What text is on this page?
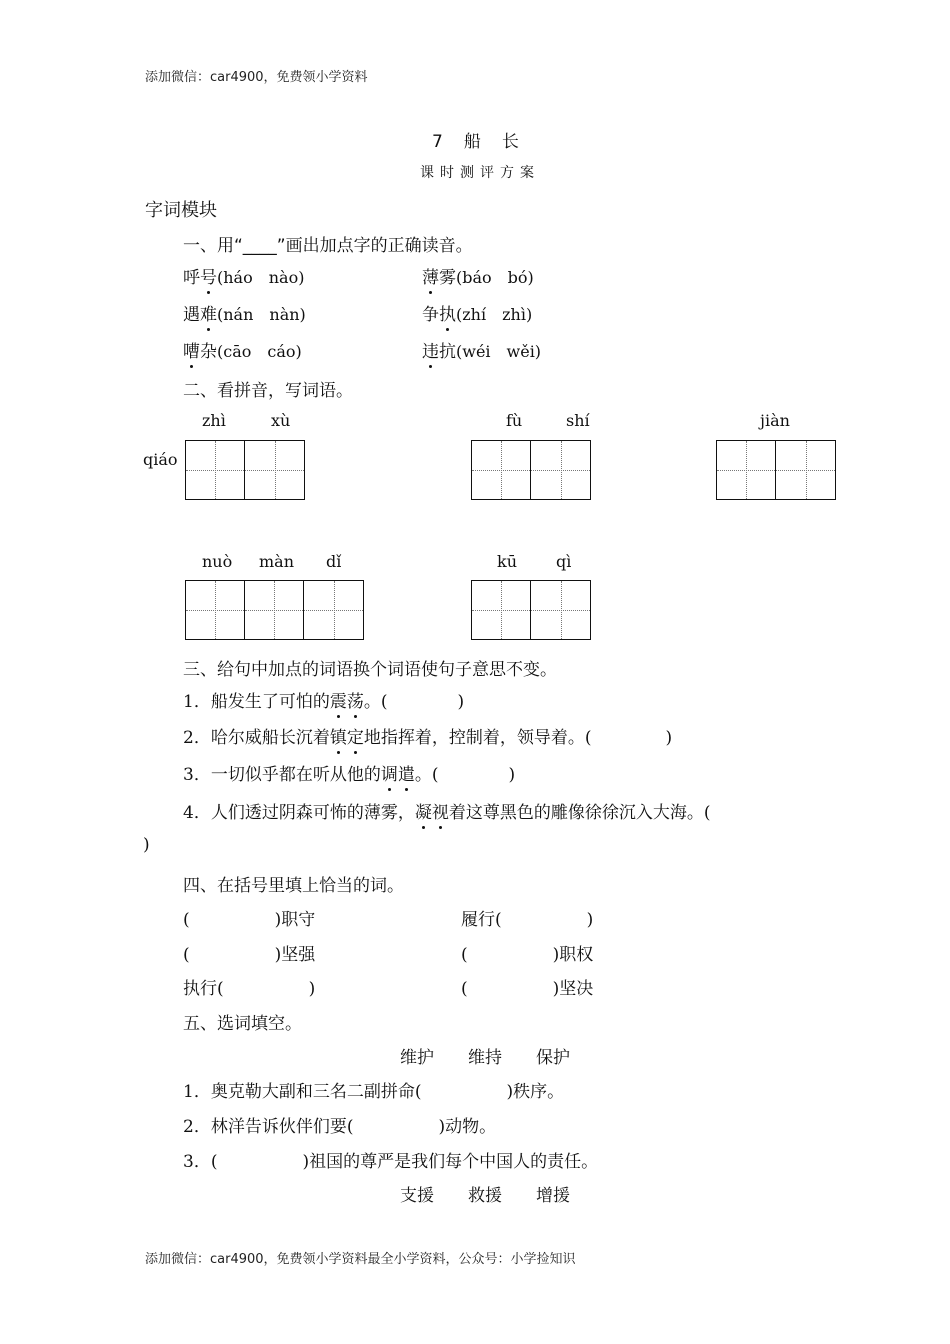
添加微信：car4900，免费领小学资料
7　船　长
课时测评方案
字词模块
一、用“____”画出加点字的正确读音。
呼号(háo　nào)	薄雾(báo　bó)
遇难(nán　nàn)	争执(zhí　zhì)
嘈杂(cāo　cáo)	违抗(wéi　wěi)
二、看拼音，写词语。
zhì	xù
qiáo
fù	shí	jiàn
nuò màn dǐ	kū qì
三、给句中加点的词语换个词语使句子意思不变。
1．船发生了可怕的震荡。(	)
2．哈尔威船长沉着镇定地指挥着，控制着，领导着。(	)
3．一切似乎都在听从他的调遣。(	)
4．人们透过阴森可怖的薄雾，凝视着这尊黑色的雕像徐徐沉入大海。(
)
四、在括号里填上恰当的词。
(　　　　　)职守	履行(　　　　　)
(　　　　　)坚强	(　　　　　)职权
执行(　　　　　)	(　　　　　)坚决
五、选词填空。
维护　　维持　　保护
1．奥克勒大副和三名二副拼命(　　　　　)秩序。
2．林洋告诉伙伴们要(　　　　　)动物。
3．(　　　　　)祖国的尊严是我们每个中国人的责任。
支援　　救援　　增援
添加微信：car4900，免费领小学资料最全小学资料，公众号：小学捡知识
